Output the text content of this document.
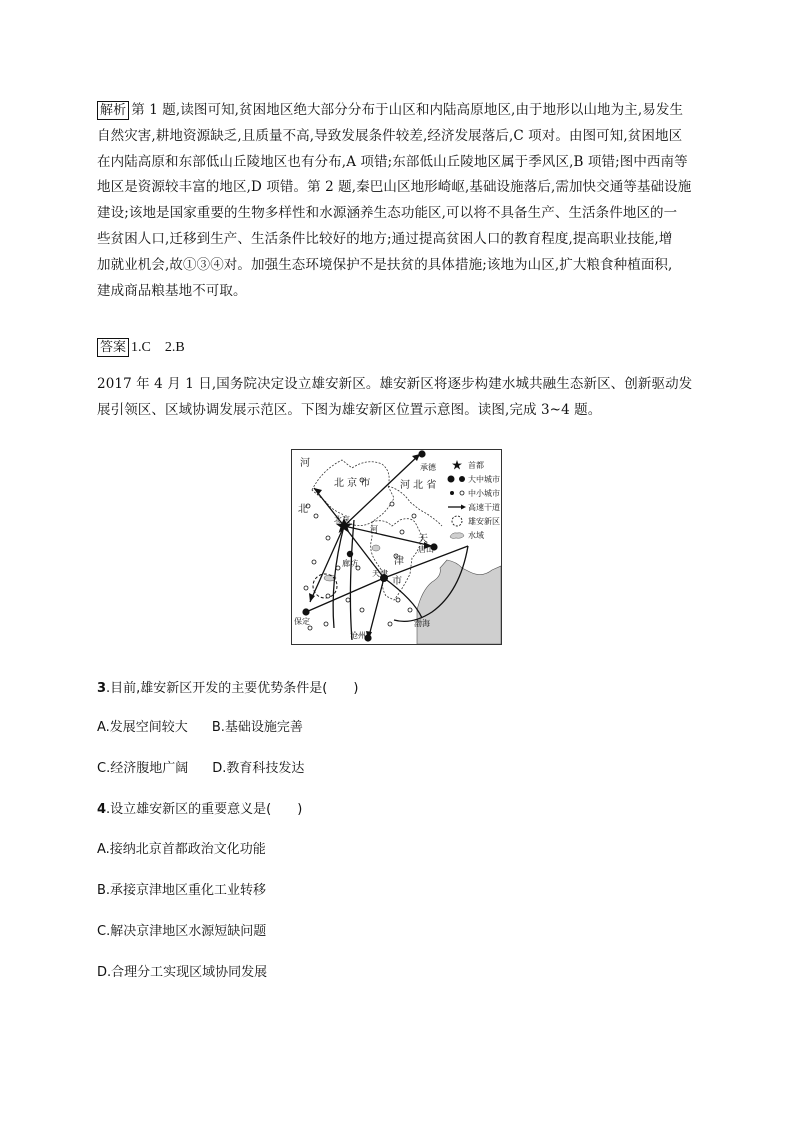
解析 第 1 题,读图可知,贫困地区绝大部分分布于山区和内陆高原地区,由于地形以山地为主,易发生
自然灾害,耕地资源缺乏,且质量不高,导致发展条件较差,经济发展落后,C 项对。由图可知,贫困地区
在内陆高原和东部低山丘陵地区也有分布,A 项错;东部低山丘陵地区属于季风区,B 项错;图中西南等
地区是资源较丰富的地区,D 项错。第 2 题,秦巴山区地形崎岖,基础设施落后,需加快交通等基础设施
建设;该地是国家重要的生物多样性和水源涵养生态功能区,可以将不具备生产、生活条件地区的一
些贫困人口,迁移到生产、生活条件比较好的地方;通过提高贫困人口的教育程度,提高职业技能,增
加就业机会,故①③④对。加强生态环境保护不是扶贫的具体措施;该地为山区,扩大粮食种植面积,
建成商品粮基地不可取。
答案 1.C　2.B
2017 年 4 月 1 日,国务院决定设立雄安新区。雄安新区将逐步构建水城共融生态新区、创新驱动发
展引领区、区域协调发展示范区。下图为雄安新区位置示意图。读图,完成 3~4 题。
河
北
北 京 市	河 北 省
北京
天
津
市
河
承德
唐山
廊坊
天津
保定
沧州
渤海
首都
大中城市
中小城市
高速干道
雄安新区
水域
3.目前,雄安新区开发的主要优势条件是(　　)
A.发展空间较大 B.基础设施完善
C.经济腹地广阔 D.教育科技发达
4.设立雄安新区的重要意义是(　　)
A.接纳北京首都政治文化功能
B.承接京津地区重化工业转移
C.解决京津地区水源短缺问题
D.合理分工实现区域协同发展
